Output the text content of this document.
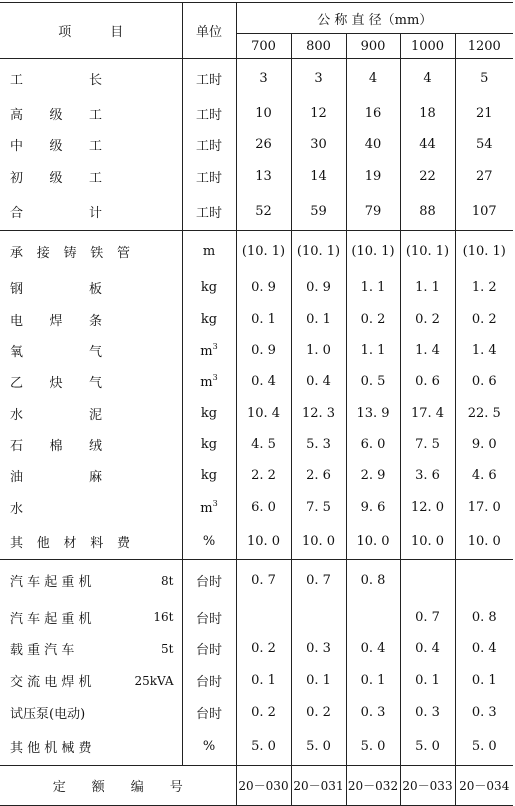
项　　　目	单位	公 称 直 径（mm）				
		700	800	900	1000	1200

工 长	工时	3	3	4	4	5

高 级 工	工时	10	12	16	18	21

中 级 工	工时	26	30	40	44	54

初 级 工	工时	13	14	19	22	27

合 计	工时	52	59	79	88	107

承 接 铸 铁 管	m	(10. 1)	(10. 1)	(10. 1)	(10. 1)	(10. 1)

钢 板	kg	0. 9	0. 9	1. 1	1. 1	1. 2

电 焊 条	kg	0. 1	0. 1	0. 2	0. 2	0. 2

氧 气	$m^3$	0. 9	1. 0	1. 1	1. 4	1. 4

乙 炔 气	$m^3$	0. 4	0. 4	0. 5	0. 6	0. 6

水 泥	kg	10. 4	12. 3	13. 9	17. 4	22. 5

石 棉 绒	kg	4. 5	5. 3	6. 0	7. 5	9. 0

油 麻	kg	2. 2	2. 6	2. 9	3. 6	4. 6

水	$m^3$	6. 0	7. 5	9. 6	12. 0	17. 0

其 他 材 料 费	%	10. 0	10. 0	10. 0	10. 0	10. 0

汽 车 起 重 机 8t	台时	0. 7	0. 7	0. 8		

汽 车 起 重 机 16t	台时				0. 7	0. 8

载 重 汽 车 5t	台时	0. 2	0. 3	0. 4	0. 4	0. 4

交 流 电 焊 机 25kVA	台时	0. 1	0. 1	0. 1	0. 1	0. 1

试压泵(电动)	台时	0. 2	0. 2	0. 3	0. 3	0. 3

其 他 机 械 费	%	5. 0	5. 0	5. 0	5. 0	5. 0
定　　额　　编　　号		20－030	20－031	20－032	20－033	20－034
